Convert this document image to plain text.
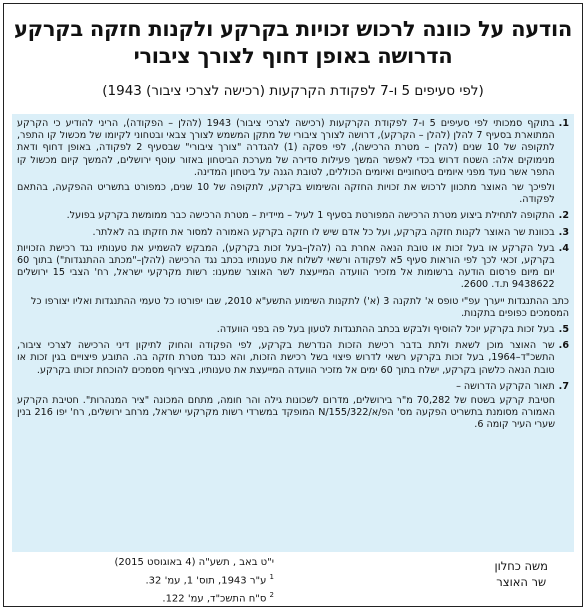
הודעה על כוונה לרכוש זכויות בקרקע ולקנות חזקה בקרקע
הדרושה באופן דחוף לצורך ציבורי
(לפי סעיפים 5 ו-7 לפקודת הקרקעות (רכישה לצרכי ציבור) 1943)
1.

בתוקף סמכותי לפי סעיפים 5 ו-7 לפקודת הקרקעות (רכישה לצרכי ציבור) 1943 (להלן – הפקודה), הריני להודיע כי הקרקע המתוארת בסעיף 7 להלן (להלן – הקרקע), דרושה לצורך ציבורי של מתקן המשמש לצורך צבאי ובטחוני לקיומו של מכשול קו התפר, לתקופה של 10 שנים (להלן – מטרת הרכישה), לפי פסקה (1) להגדרה "צורך ציבורי" שבסעיף 2 לפקודה, באופן דחוף ודאת מנימוקים אלה: השטח דרוש בכדי לאפשר המשך פעילות סדירה של מערכת הביטחון באזור עוטף ירושלים, להמשך קיום מכשול קו התפר אשר נועד מפני איומים ביטחוניים ואיומים הכוללים, לטובת הגנה על ביטחון המדינה.

ולפיכך שר האוצר מתכוון לרכוש את זכויות החזקה והשימוש בקרקע, לתקופה של 10 שנים, כמפורט בתשריט ההפקעה, בהתאם לפקודה.

2.

התקופה לתחילת ביצוע מטרת הרכישה המפורטת בסעיף 1 לעיל – מיידית – מטרת הרכישה כבר ממומשת בקרקע בפועל.

3.

בכוונת שר האוצר לקנות חזקה בקרקע, ועל כל אדם שיש לו חזקה בקרקע האמורה למסור את חזקתו בה לאלתר.

4.

בעל הקרקע או בעל זכות או טובת הנאה אחרת בה (להלן–בעל זכות בקרקע), המבקש להשמיע את טענותיו נגד רכישת הזכויות בקרקע, זכאי לכך לפי הוראות סעיף 5א לפקודה ורשאי לשלוח את טענותיו בכתב נגד הרכישה (להלן–"מכתב ההתנגדות") בתוך 60 יום מיום פרסום הודעה ברשומות אל מזכיר הוועדה המייעצת לשר האוצר שמענו: רשות מקרקעי ישראל, רח' הצבי 15 ירושלים 9438622 ת.ד. 2600.

כתב ההתנגדות ייערך עפ"י טופס א' לתקנה 3 (א') לתקנות השימוע התשע"א 2010, שבו יפורטו כל טעמי ההתנגדות ואליו יצורפו כל המסמכים כפופים בתקנות.

5.

בעל זכות בקרקע יוכל להוסיף ולבקש בכתב ההתנגדות לטעון בעל פה בפני הוועדה.

6.

שר האוצר מוכן לשאת ולתת בדבר רכישת הזכות הנדרשת בקרקע, לפי הפקודה והחוק לתיקון דיני הרכישה לצרכי ציבור, התשכ"ד–1964, בעל זכות בקרקע רשאי לדרוש פיצוי בשל רכישת הזכות, והא כנגד מטרת חזקה בה. התובע פיצויים בגין זכות או טובת הנאה כלשהן בקרקע, ישלח בתוך 60 ימים אל מזכיר הוועדה המייעצת את טענותיו, בצירוף מסמכים להוכחת זכותו בקרקע.

7.

תאור הקרקע הדרושה –

חטיבת קרקע בשטח של 70,282 מ"ר בירושלים, מדרום לשכונות גילה והר חומה, מתחם המכונה "ציר המנהרות". חטיבת הקרקע האמורה מסומנת בתשריט הפקעה מס' הפ/א/N/155/322 המופקד במשרדי רשות מקרקעי ישראל, מרחב ירושלים, רח' יפו 216 בנין שערי העיר קומה 6.

משה כחלון
שר האוצר
י"ט באב , תשע"ה (4 באוגוסט 2015)
$^1$ ע"ר 1943, תוס' 1, עמ' 32.
$^2$ ס"ח התשכ"ד, עמ' 122.
